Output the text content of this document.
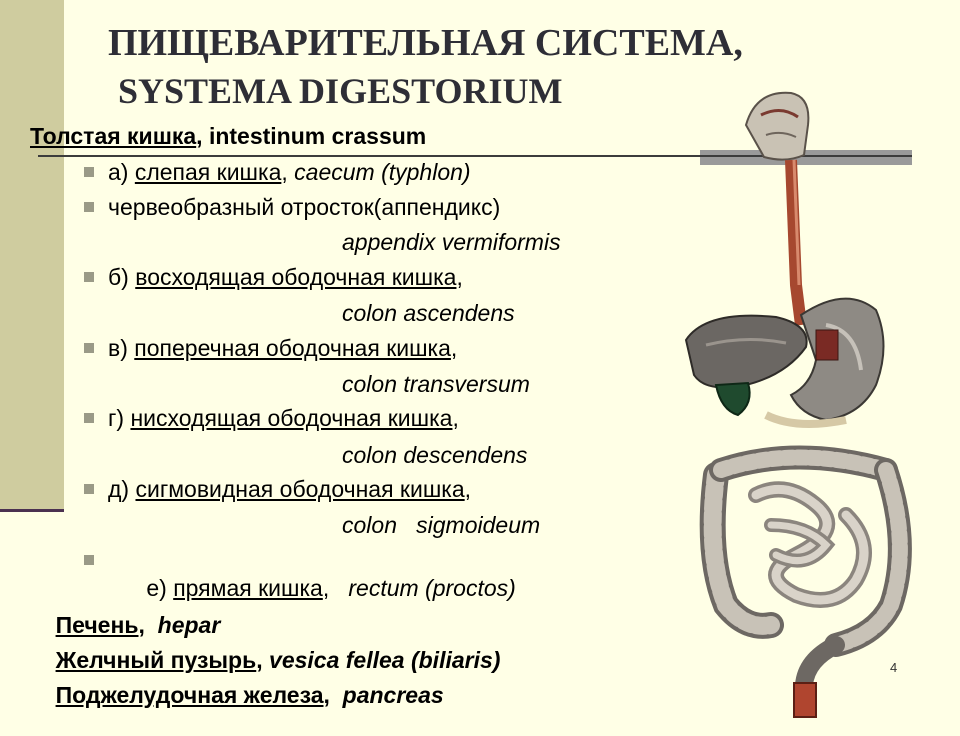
ПИЩЕВАРИТЕЛЬНАЯ СИСТЕМА,
SYSTEMA DIGESTORIUM
Толстая кишка, intestinum crassum
а) слепая кишка, caecum (typhlon)
червеобразный отросток(аппендикс)
appendix vermiformis
б) восходящая ободочная кишка,
colon ascendens
в) поперечная ободочная кишка,
colon transversum
г) нисходящая ободочная кишка,
colon descendens
д) сигмовидная ободочная кишка,
colon   sigmoideum

е) прямая кишка,   rectum (proctos)

Печень,  hepar

Желчный пузырь, vesica fellea (biliaris)

Поджелудочная железа,  pancreas

4
